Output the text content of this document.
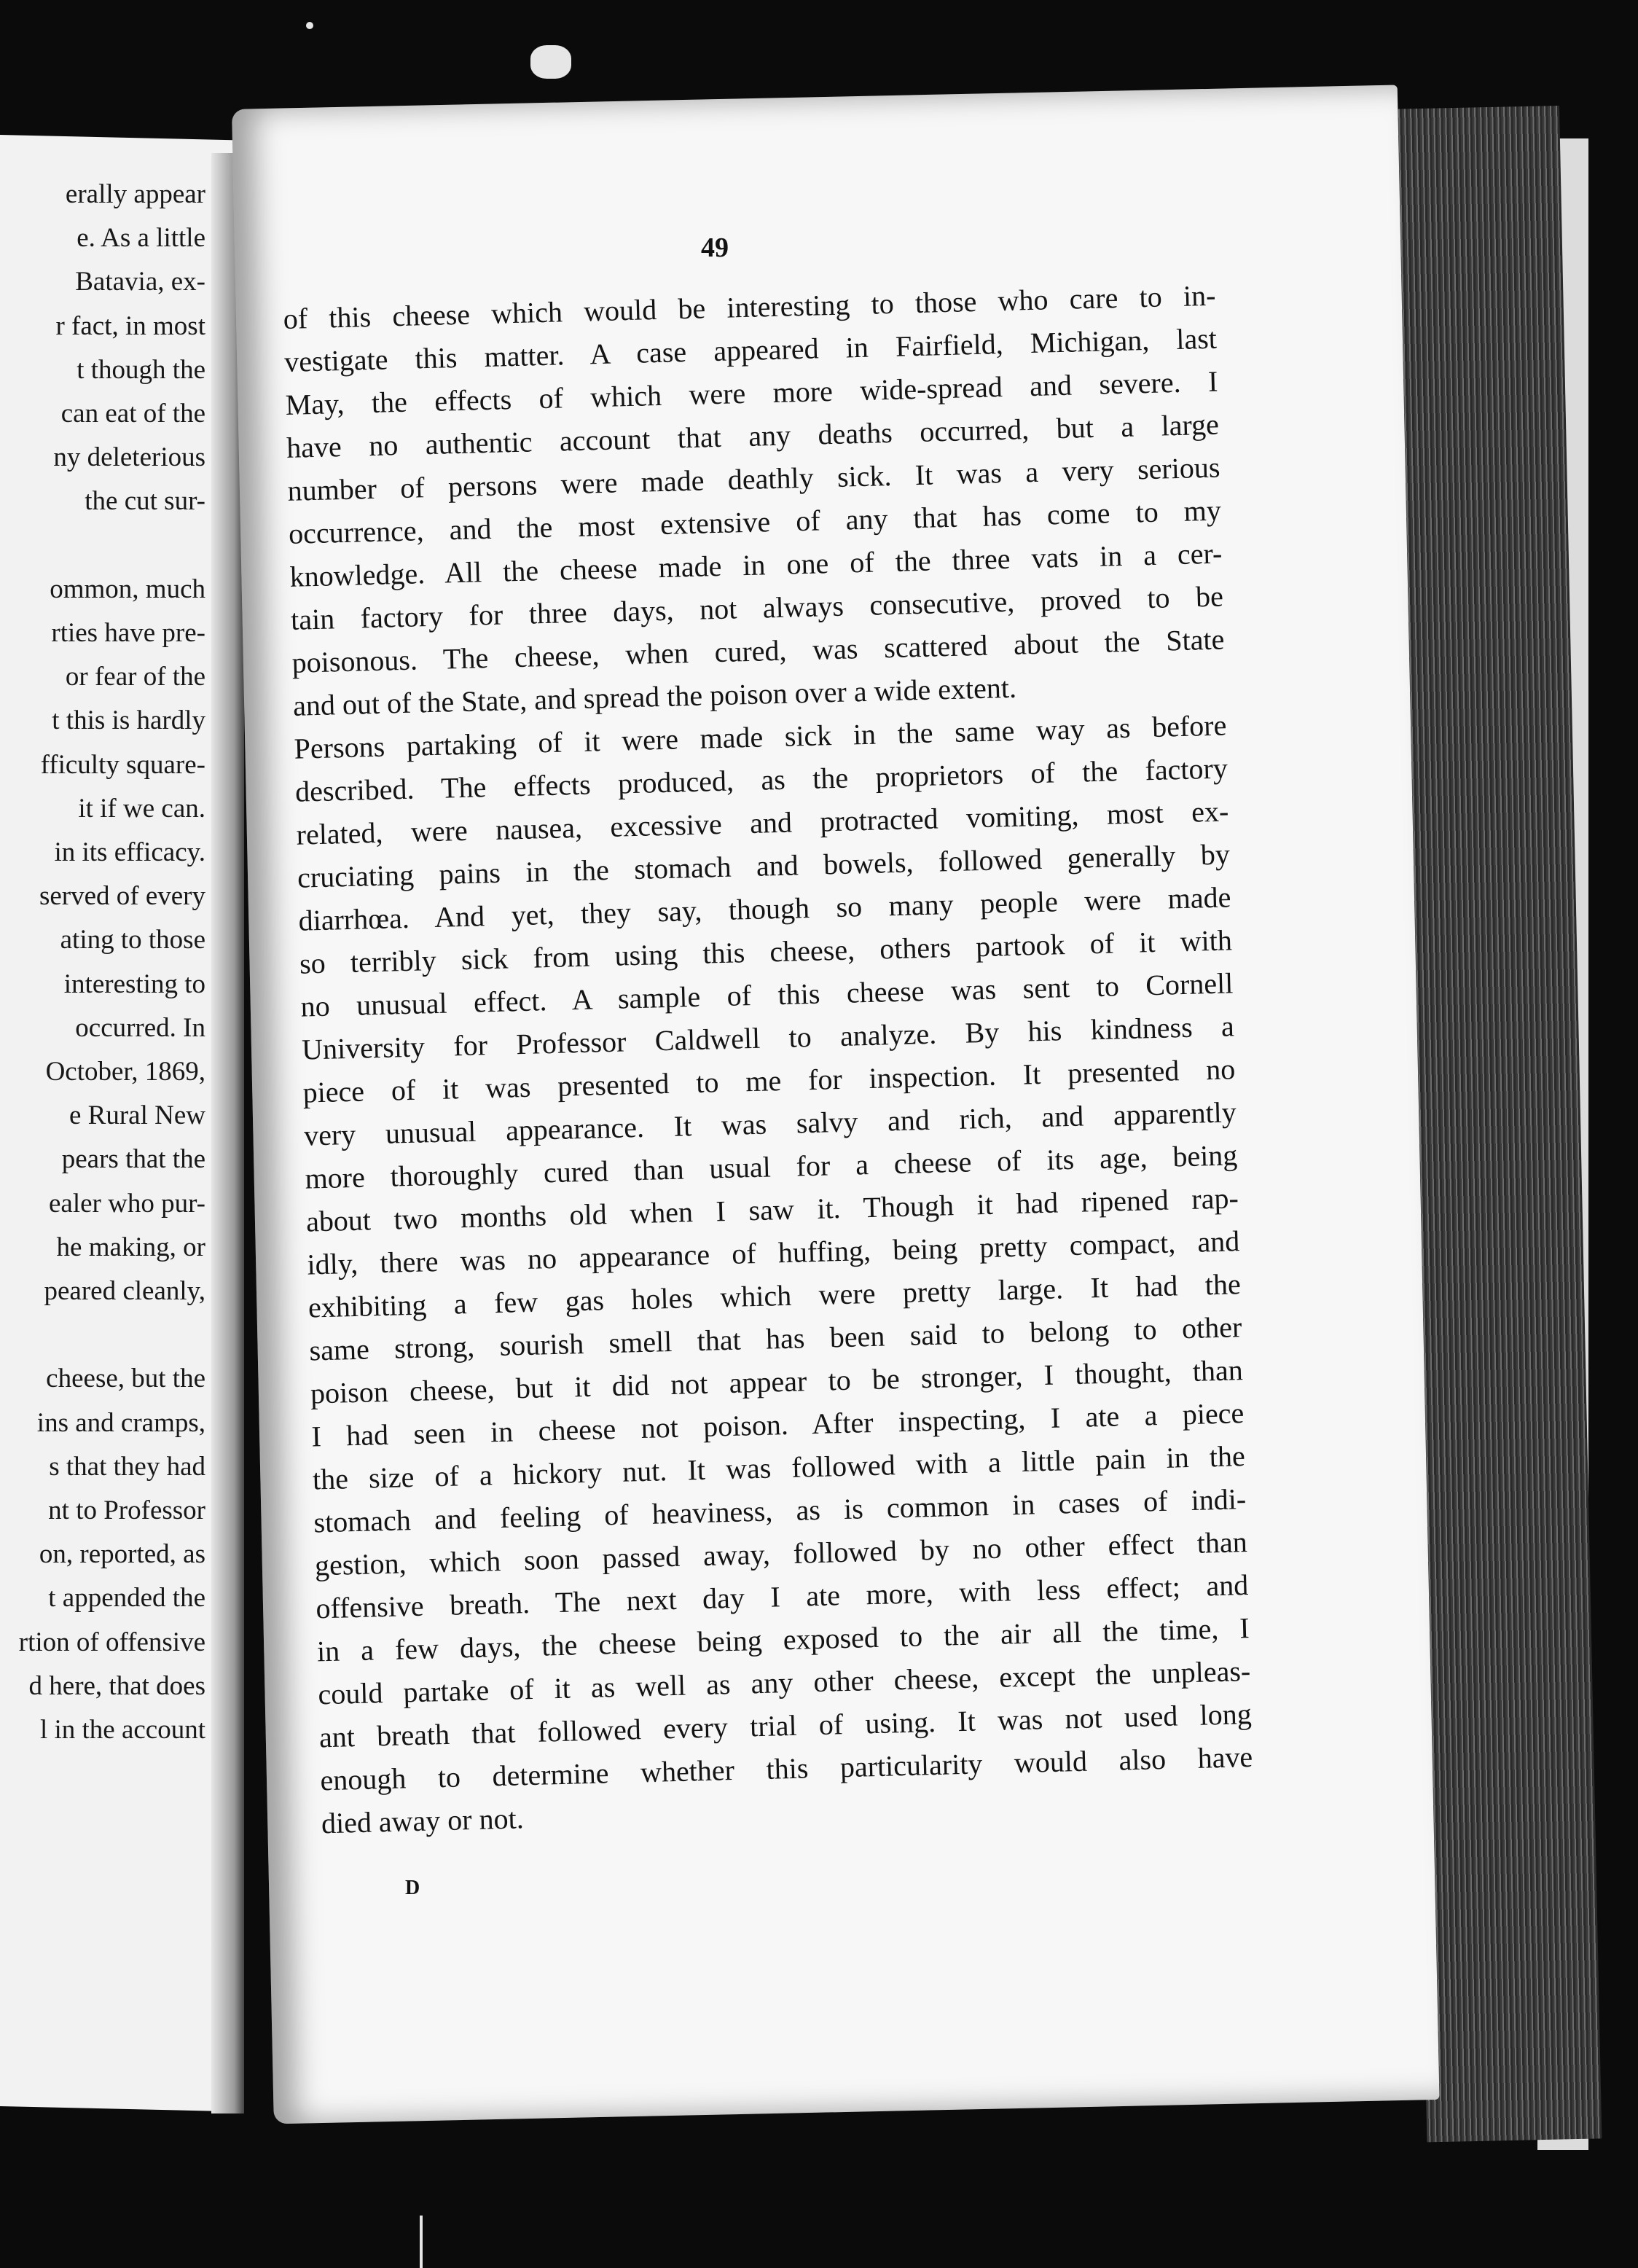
erally appear
e. As a little
Batavia, ex-
r fact, in most
t though the
can eat of the
ny deleterious
the cut sur-
ommon, much
rties have pre-
or fear of the
t this is hardly
fficulty square-
it if we can.
in its efficacy.
served of every
ating to those
interesting to
occurred. In
October, 1869,
e Rural New
pears that the
ealer who pur-
he making, or
peared cleanly,
cheese, but the
ins and cramps,
s that they had
nt to Professor
on, reported, as
t appended the
rtion of offensive
d here, that does
l in the account
49
of this cheese which would be interesting to those who care to in-
vestigate this matter. A case appeared in Fairfield, Michigan, last
May, the effects of which were more wide-spread and severe. I
have no authentic account that any deaths occurred, but a large
number of persons were made deathly sick. It was a very serious
occurrence, and the most extensive of any that has come to my
knowledge. All the cheese made in one of the three vats in a cer-
tain factory for three days, not always consecutive, proved to be
poisonous. The cheese, when cured, was scattered about the State
and out of the State, and spread the poison over a wide extent.
Persons partaking of it were made sick in the same way as before
described. The effects produced, as the proprietors of the factory
related, were nausea, excessive and protracted vomiting, most ex-
cruciating pains in the stomach and bowels, followed generally by
diarrhœa. And yet, they say, though so many people were made
so terribly sick from using this cheese, others partook of it with
no unusual effect. A sample of this cheese was sent to Cornell
University for Professor Caldwell to analyze. By his kindness a
piece of it was presented to me for inspection. It presented no
very unusual appearance. It was salvy and rich, and apparently
more thoroughly cured than usual for a cheese of its age, being
about two months old when I saw it. Though it had ripened rap-
idly, there was no appearance of huffing, being pretty compact, and
exhibiting a few gas holes which were pretty large. It had the
same strong, sourish smell that has been said to belong to other
poison cheese, but it did not appear to be stronger, I thought, than
I had seen in cheese not poison. After inspecting, I ate a piece
the size of a hickory nut. It was followed with a little pain in the
stomach and feeling of heaviness, as is common in cases of indi-
gestion, which soon passed away, followed by no other effect than
offensive breath. The next day I ate more, with less effect; and
in a few days, the cheese being exposed to the air all the time, I
could partake of it as well as any other cheese, except the unpleas-
ant breath that followed every trial of using. It was not used long
enough to determine whether this particularity would also have
died away or not.
D
